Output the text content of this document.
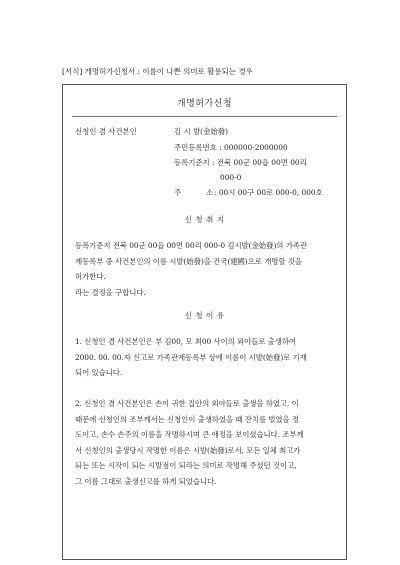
[서식] 개명허가신청서 : 이름이 나쁜 의미로 활용되는 경우
개명허가신청
신청인 겸 사건본인	김 시 발(金始發)
주민등록번호 : 000000-2000000
등록기준지 : 전북 00군 00읍 00면 00리
000-0
주	소 : 00시 00구 00로 000-0, 000호
신 청 취 지
등록기준지 전북 00군 00읍 00면 00리 000-0 김시발(金始發)의 가족관
계등록부 중 사건본인의 이름 시발(始發)을 건국(建國)으로 개명할 것을
허가한다.
라는 결정을 구합니다.
신 청 이 유
1. 신청인 겸 사건본인은 부 김00, 모 최00 사이의 외아들로 출생하여
2000. 00. 00.자 신고로 가족관계등록부 상에 이름이 시발(始發)로 기재
되어 있습니다.
2. 신청인 겸 사건본인은 손이 귀한 집안의 외아들로 출생을 하였고, 이
때문에 신청인의 조부께서는 신청인이 출생하였을 때 잔치를 벌였을 정
도이고, 손수 손주의 이름을 작명하시며 큰 애정을 보이셨습니다. 조부께
서 신청인의 출생당시 작명한 이름은 시발(始發)로서, 모든 일체 최고가
되는 또는 시작이 되는 시발점이 되라는 의미로 작명해 주셨던 것이고,
그 이름 그대로 출생신고를 하게 되었습니다.
